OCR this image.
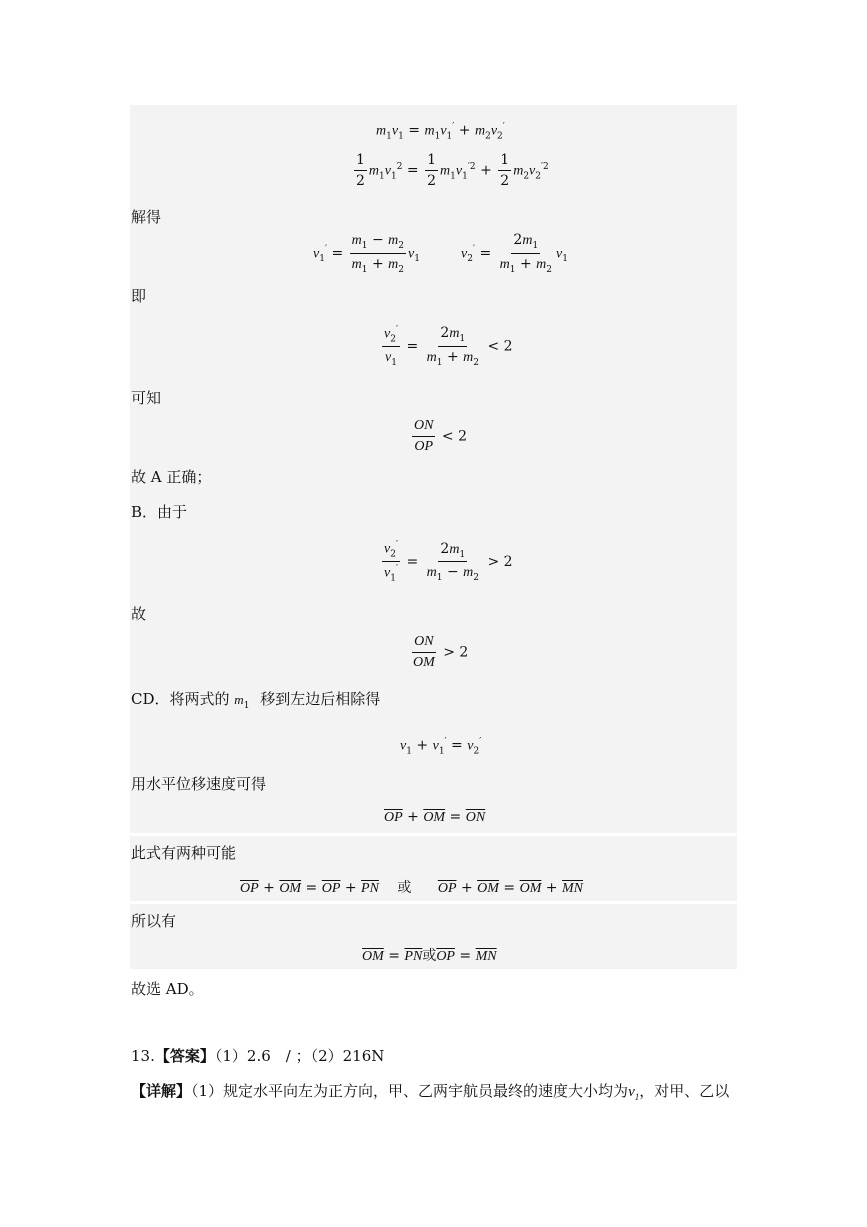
$m_1v_1 = m_1v_1' + m_2v_2'$
$\frac{1}{2} m_1v_1^2 = \frac{1}{2} m_1v_1^{'2} + \frac{1}{2} m_2v_2^{'2}$
解得
$v_1' = \frac{m_1 - m_2}{m_1 + m_2} v_1$	$v_2' = \frac{2m_1}{m_1 + m_2} v_1$
即
$\frac{v_2'}{v_1} = \frac{2m_1}{m_1 + m_2} < 2$
可知
$\frac{ON}{OP} < 2$
故 A 正确；
B．由于
$\frac{v_2'}{v_1'} = \frac{2m_1}{m_1 - m_2} > 2$
故
$\frac{ON}{OM} > 2$
CD．将两式的 $m_1$ 移到左边后相除得
$v_1 + v_1' = v_2'$
用水平位移速度可得
$\overline{OP} + \overline{OM} = \overline{ON}$
此式有两种可能
$\overline{OP} + \overline{OM} = \overline{OP} + \overline{PN}$ 或 $\overline{OP} + \overline{OM} = \overline{OM} + \overline{MN}$
所以有
$\overline{OM} = \overline{PN}$或$\overline{OP} = \overline{MN}$
故选 AD。
13.【答案】（1）2.6　/ ；（2）216N
【详解】（1）规定水平向左为正方向，甲、乙两宇航员最终的速度大小均为$v_1$，对甲、乙以
